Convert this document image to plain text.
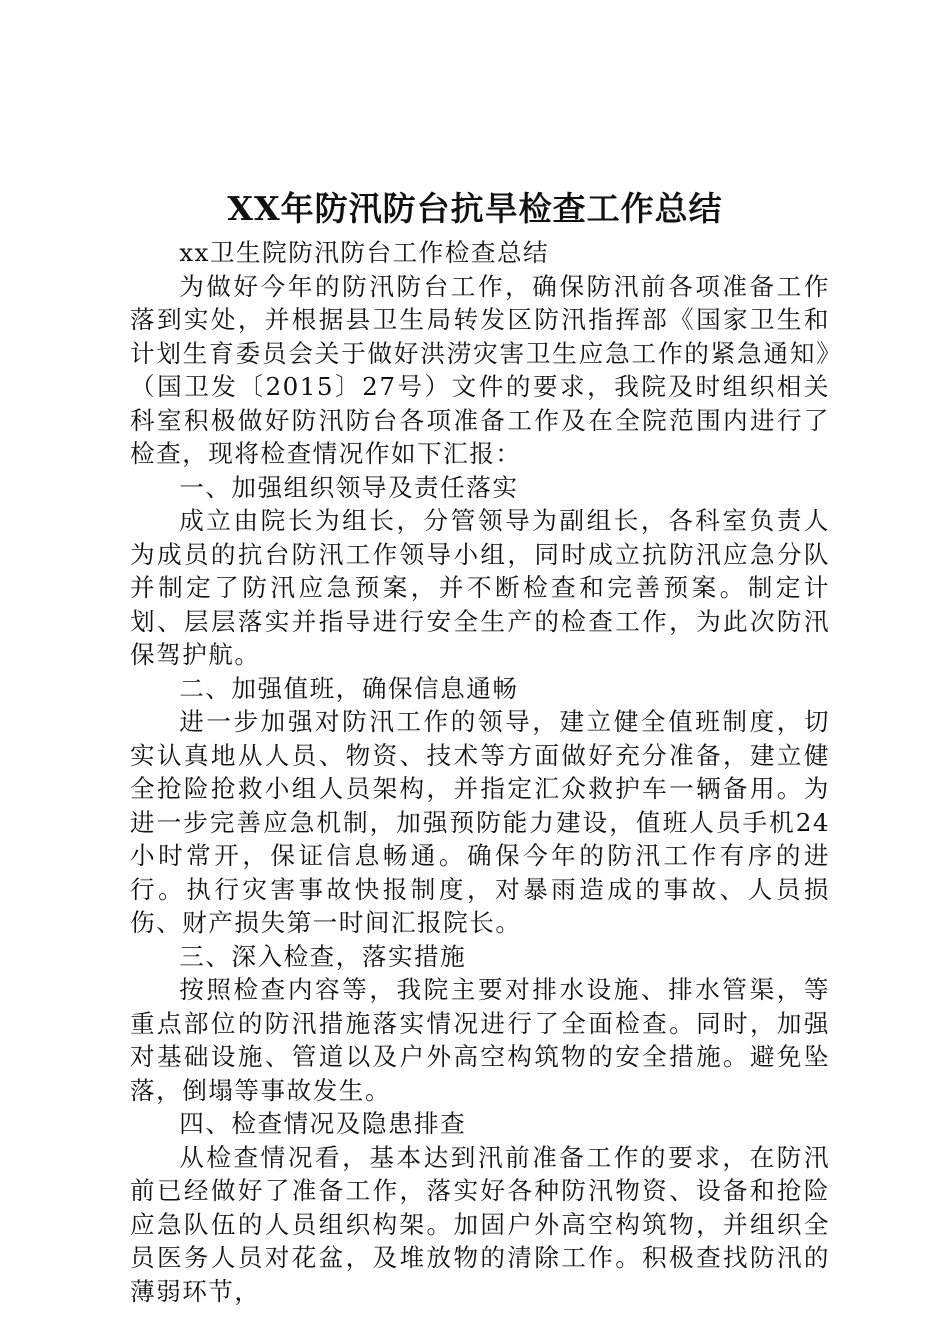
XX年防汛防台抗旱检查工作总结

xx卫生院防汛防台工作检查总结

为做好今年的防汛防台工作，确保防汛前各项准备工作落到实处，并根据县卫生局转发区防汛指挥部《国家卫生和计划生育委员会关于做好洪涝灾害卫生应急工作的紧急通知》（国卫发〔2015〕27号）文件的要求，我院及时组织相关科室积极做好防汛防台各项准备工作及在全院范围内进行了检查，现将检查情况作如下汇报：

一、加强组织领导及责任落实

成立由院长为组长，分管领导为副组长，各科室负责人为成员的抗台防汛工作领导小组，同时成立抗防汛应急分队并制定了防汛应急预案，并不断检查和完善预案。制定计划、层层落实并指导进行安全生产的检查工作，为此次防汛保驾护航。

二、加强值班，确保信息通畅

进一步加强对防汛工作的领导，建立健全值班制度，切实认真地从人员、物资、技术等方面做好充分准备，建立健全抢险抢救小组人员架构，并指定汇众救护车一辆备用。为进一步完善应急机制，加强预防能力建设，值班人员手机24小时常开，保证信息畅通。确保今年的防汛工作有序的进行。执行灾害事故快报制度，对暴雨造成的事故、人员损伤、财产损失第一时间汇报院长。

三、深入检查，落实措施

按照检查内容等，我院主要对排水设施、排水管渠，等重点部位的防汛措施落实情况进行了全面检查。同时，加强对基础设施、管道以及户外高空构筑物的安全措施。避免坠落，倒塌等事故发生。

四、检查情况及隐患排查

从检查情况看，基本达到汛前准备工作的要求，在防汛前已经做好了准备工作，落实好各种防汛物资、设备和抢险应急队伍的人员组织构架。加固户外高空构筑物，并组织全员医务人员对花盆，及堆放物的清除工作。积极查找防汛的薄弱环节，
